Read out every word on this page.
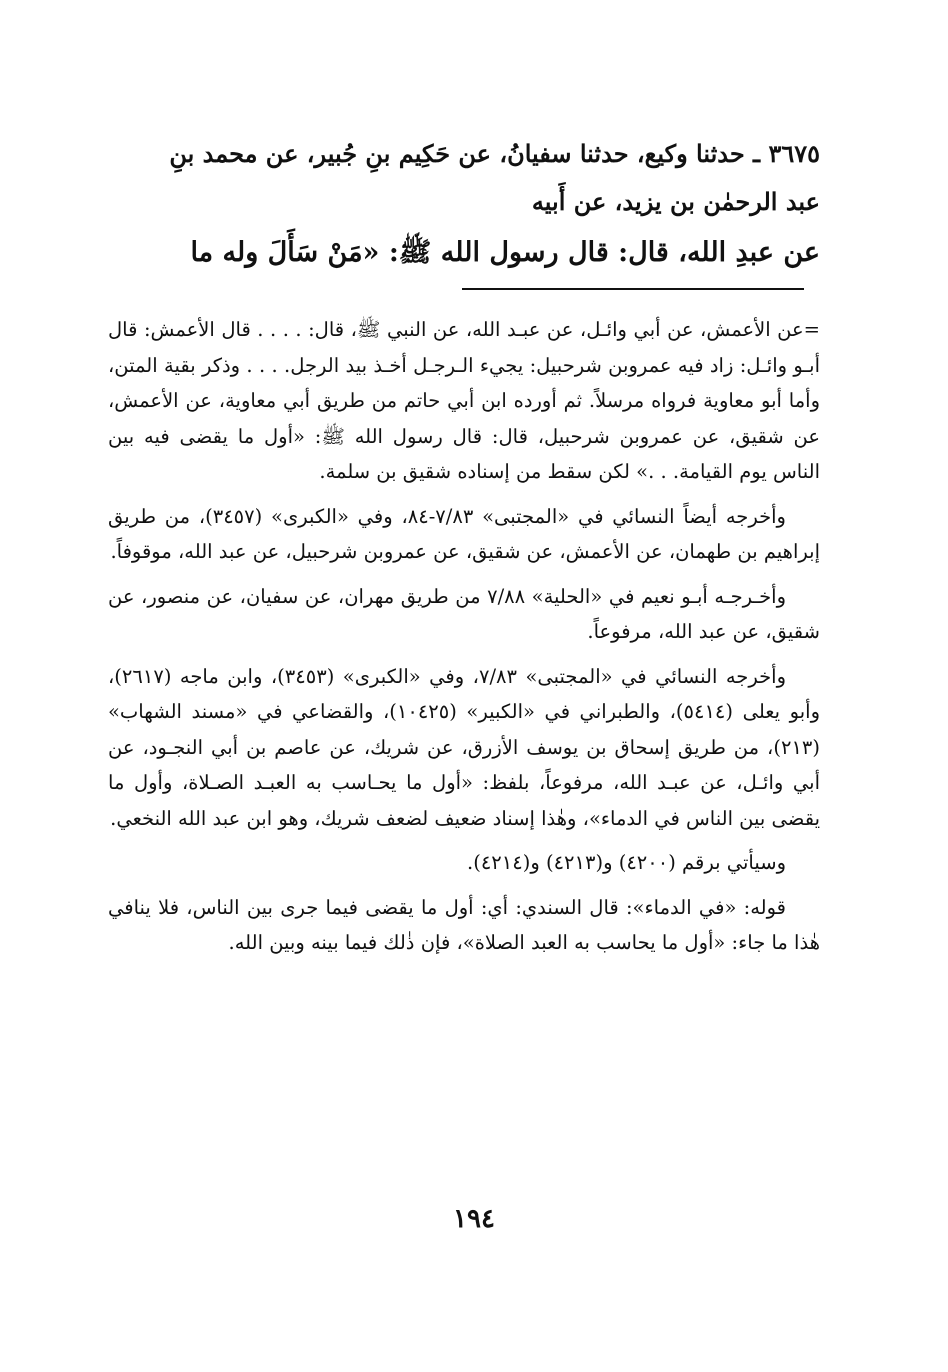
٣٦٧٥ ـ حدثنا وكيع، حدثنا سفيانُ، عن حَكِيم بنِ جُبير، عن محمد بنِ
عبد الرحمٰن بن يزيد، عن أَبيه
عن عبدِ الله، قال: قال رسول الله ﷺ: «مَنْ سَأَلَ وله ما

=عن الأعمش، عن أبي وائـل، عن عبـد الله، عن النبي ﷺ، قال: . . . . قال الأعمش: قال أبـو وائـل: زاد فيه عمروبن شرحبيل: يجيء الـرجـل أخـذ بيد الرجل. . . . وذكر بقية المتن، وأما أبو معاوية فرواه مرسلاً. ثم أورده ابن أبي حاتم من طريق أبي معاوية، عن الأعمش، عن شقيق، عن عمروبن شرحبيل، قال: قال رسول الله ﷺ: «أول ما يقضى فيه بين الناس يوم القيامة. . .» لكن سقط من إسناده شقيق بن سلمة.

وأخرجه أيضاً النسائي في «المجتبى» ٧/٨٣-٨٤، وفي «الكبرى» (٣٤٥٧)، من طريق إبراهيم بن طهمان، عن الأعمش، عن شقيق، عن عمروبن شرحبيل، عن عبد الله، موقوفاً.

وأخـرجـه أبـو نعيم في «الحلية» ٧/٨٨ من طريق مهران، عن سفيان، عن منصور، عن شقيق، عن عبد الله، مرفوعاً.

وأخرجه النسائي في «المجتبى» ٧/٨٣، وفي «الكبرى» (٣٤٥٣)، وابن ماجه (٢٦١٧)، وأبو يعلى (٥٤١٤)، والطبراني في «الكبير» (١٠٤٢٥)، والقضاعي في «مسند الشهاب» (٢١٣)، من طريق إسحاق بن يوسف الأزرق، عن شريك، عن عاصم بن أبي النجـود، عن أبي وائـل، عن عبـد الله، مرفوعاً، بلفظ: «أول ما يحـاسب به العبـد الصـلاة، وأول ما يقضى بين الناس في الدماء»، وهٰذا إسناد ضعيف لضعف شريك، وهو ابن عبد الله النخعي.

وسيأتي برقم (٤٢٠٠) و(٤٢١٣) و(٤٢١٤).

قوله: «في الدماء»: قال السندي: أي: أول ما يقضى فيما جرى بين الناس، فلا ينافي هٰذا ما جاء: «أول ما يحاسب به العبد الصلاة»، فإن ذٰلك فيما بينه وبين الله.

١٩٤
